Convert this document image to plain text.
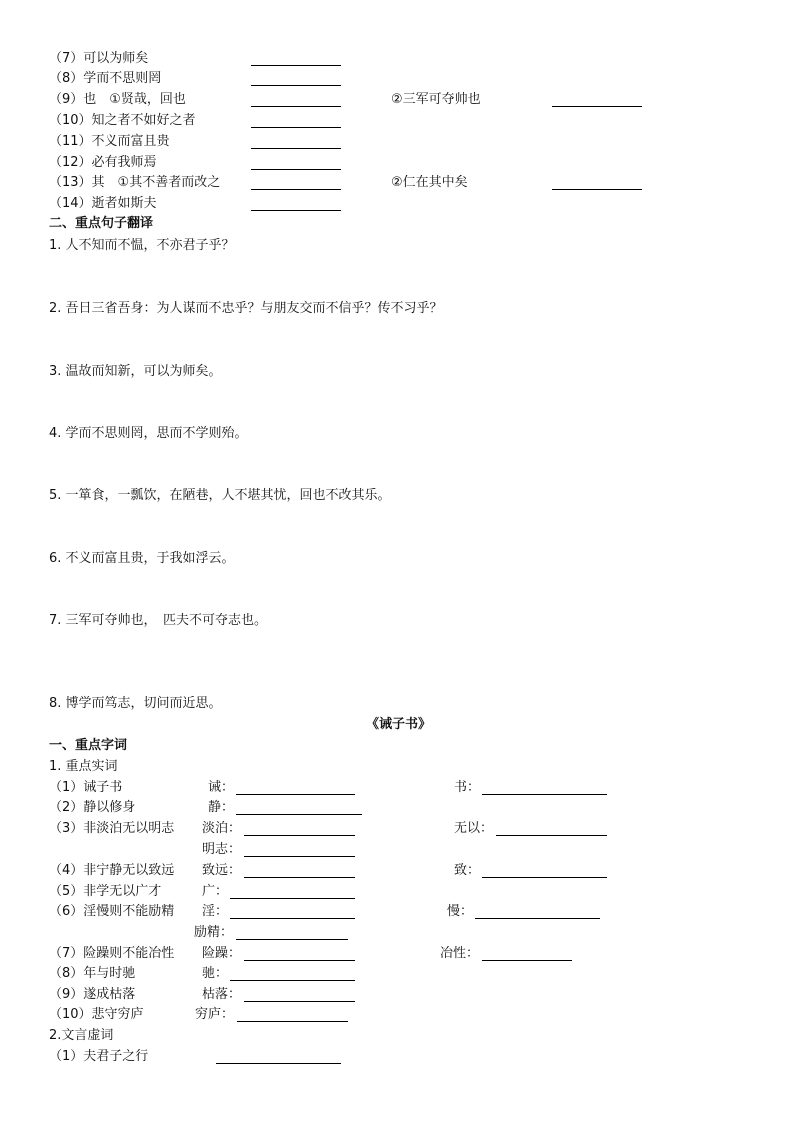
（7）可以为师矣
（8）学而不思则罔
（9）也　①贤哉，回也	②三军可夺帅也
（10）知之者不如好之者
（11）不义而富且贵
（12）必有我师焉
（13）其　①其不善者而改之	②仁在其中矣
（14）逝者如斯夫
二、重点句子翻译
1. 人不知而不愠，不亦君子乎？
2. 吾日三省吾身：为人谋而不忠乎？与朋友交而不信乎？传不习乎？
3. 温故而知新，可以为师矣。
4. 学而不思则罔，思而不学则殆。
5. 一箪食，一瓢饮，在陋巷，人不堪其忧，回也不改其乐。
6. 不义而富且贵，于我如浮云。
7. 三军可夺帅也，　匹夫不可夺志也。
8. 博学而笃志，切问而近思。
《诫子书》
一、重点字词
1. 重点实词
（1）诫子书	诫：	书：
（2）静以修身	静：
（3）非淡泊无以明志 淡泊：	无以：
明志：
（4）非宁静无以致远 致远：	致：
（5）非学无以广才	广：
（6）淫慢则不能励精 淫：	慢：
励精：
（7）险躁则不能冶性 险躁：	冶性：
（8）年与时驰	驰：
（9）遂成枯落	枯落：
（10）悲守穷庐	穷庐：
2.文言虚词
（1）夫君子之行
